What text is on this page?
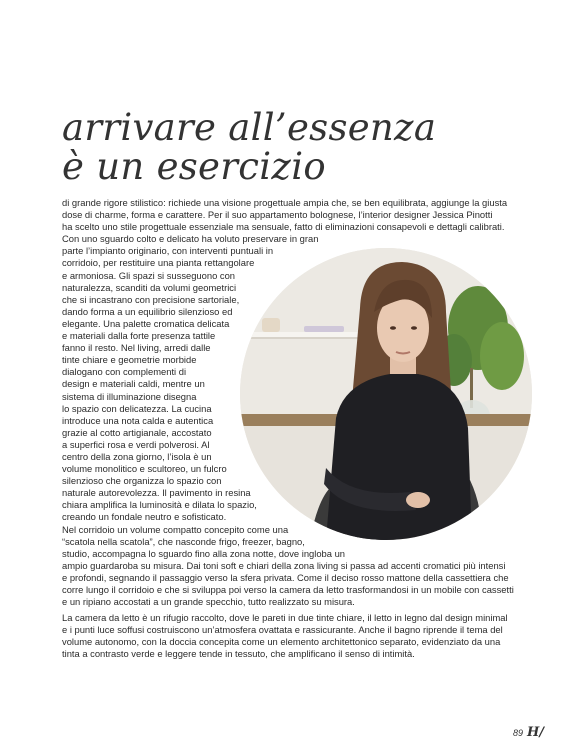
arrivare all’essenza
è un esercizio
di grande rigore stilistico: richiede una visione progettuale ampia che, se ben equilibrata, aggiunge la giusta
dose di charme, forma e carattere. Per il suo appartamento bolognese, l’interior designer Jessica Pinotti
ha scelto uno stile progettuale essenziale ma sensuale, fatto di eliminazioni consapevoli e dettagli calibrati.
Con uno sguardo colto e delicato ha voluto preservare in gran
parte l’impianto originario, con interventi puntuali in
corridoio, per restituire una pianta rettangolare
e armoniosa. Gli spazi si susseguono con
naturalezza, scanditi da volumi geometrici
che si incastrano con precisione sartoriale,
dando forma a un equilibrio silenzioso ed
elegante. Una palette cromatica delicata
e materiali dalla forte presenza tattile
fanno il resto. Nel living, arredi dalle
tinte chiare e geometrie morbide
dialogano con complementi di
design e materiali caldi, mentre un
sistema di illuminazione disegna
lo spazio con delicatezza. La cucina
introduce una nota calda e autentica
grazie al cotto artigianale, accostato
a superfici rosa e verdi polverosi. Al
centro della zona giorno, l’isola è un
volume monolitico e scultoreo, un fulcro
silenzioso che organizza lo spazio con
naturale autorevolezza. Il pavimento in resina
chiara amplifica la luminosità e dilata lo spazio,
creando un fondale neutro e sofisticato.
Nel corridoio un volume compatto concepito come una
“scatola nella scatola”, che nasconde frigo, freezer, bagno,
studio, accompagna lo sguardo fino alla zona notte, dove ingloba un
ampio guardaroba su misura. Dai toni soft e chiari della zona living si passa ad accenti cromatici più intensi
e profondi, segnando il passaggio verso la sfera privata. Come il deciso rosso mattone della cassettiera che
corre lungo il corridoio e che si sviluppa poi verso la camera da letto trasformandosi in un mobile con cassetti
e un ripiano accostati a un grande specchio, tutto realizzato su misura.
La camera da letto è un rifugio raccolto, dove le pareti in due tinte chiare, il letto in legno dal design minimal
e i punti luce soffusi costruiscono un’atmosfera ovattata e rassicurante. Anche il bagno riprende il tema del
volume autonomo, con la doccia concepita come un elemento architettonico separato, evidenziato da una
tinta a contrasto verde e leggere tende in tessuto, che amplificano il senso di intimità.
89 H/
